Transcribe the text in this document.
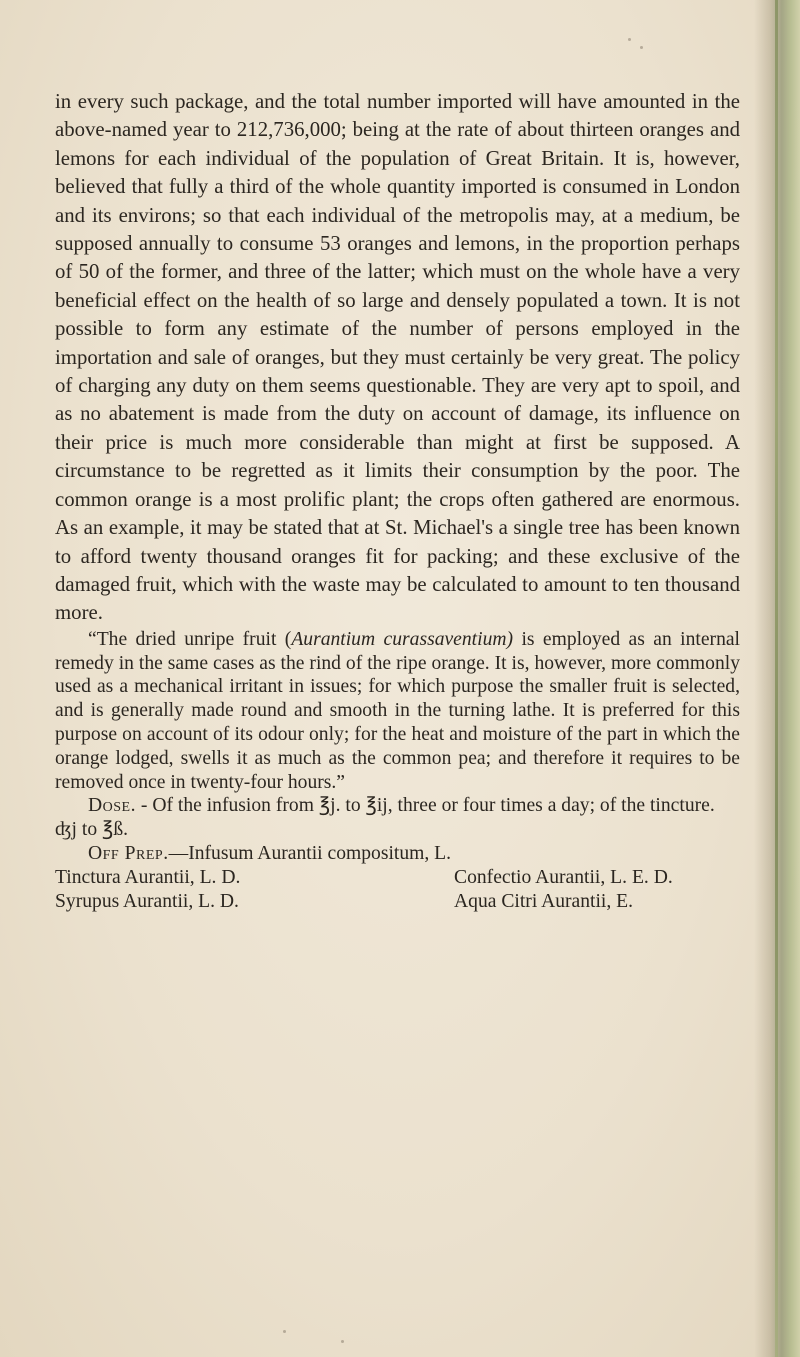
in every such package, and the total number imported will have amounted in the above-named year to 212,736,000; being at the rate of about thirteen oranges and lemons for each individual of the population of Great Britain. It is, however, believed that fully a third of the whole quantity imported is consumed in London and its environs; so that each individual of the metropolis may, at a medium, be supposed annually to consume 53 oranges and lemons, in the proportion perhaps of 50 of the former, and three of the latter; which must on the whole have a very beneficial effect on the health of so large and densely populated a town. It is not possible to form any estimate of the number of persons employed in the importation and sale of oranges, but they must certainly be very great. The policy of charging any duty on them seems questionable. They are very apt to spoil, and as no abatement is made from the duty on account of damage, its influence on their price is much more considerable than might at first be supposed. A circumstance to be regretted as it limits their consumption by the poor. The common orange is a most prolific plant; the crops often gathered are enormous. As an example, it may be stated that at St. Michael's a single tree has been known to afford twenty thousand oranges fit for packing; and these exclusive of the damaged fruit, which with the waste may be calculated to amount to ten thousand more.

“The dried unripe fruit (Aurantium curassaventium) is employed as an internal remedy in the same cases as the rind of the ripe orange. It is, however, more commonly used as a mechanical irritant in issues; for which purpose the smaller fruit is selected, and is generally made round and smooth in the turning lathe. It is preferred for this purpose on account of its odour only; for the heat and moisture of the part in which the orange lodged, swells it as much as the common pea; and therefore it requires to be removed once in twenty-four hours.”

Dose. - Of the infusion from ℥j. to ℥ij, three or four times a day; of the tincture. ʤj to ℥ß.

Off Prep.—Infusum Aurantii compositum, L.

Tinctura Aurantii, L. D.	Confectio Aurantii, L. E. D.
Syrupus Aurantii, L. D.	Aqua Citri Aurantii, E.
